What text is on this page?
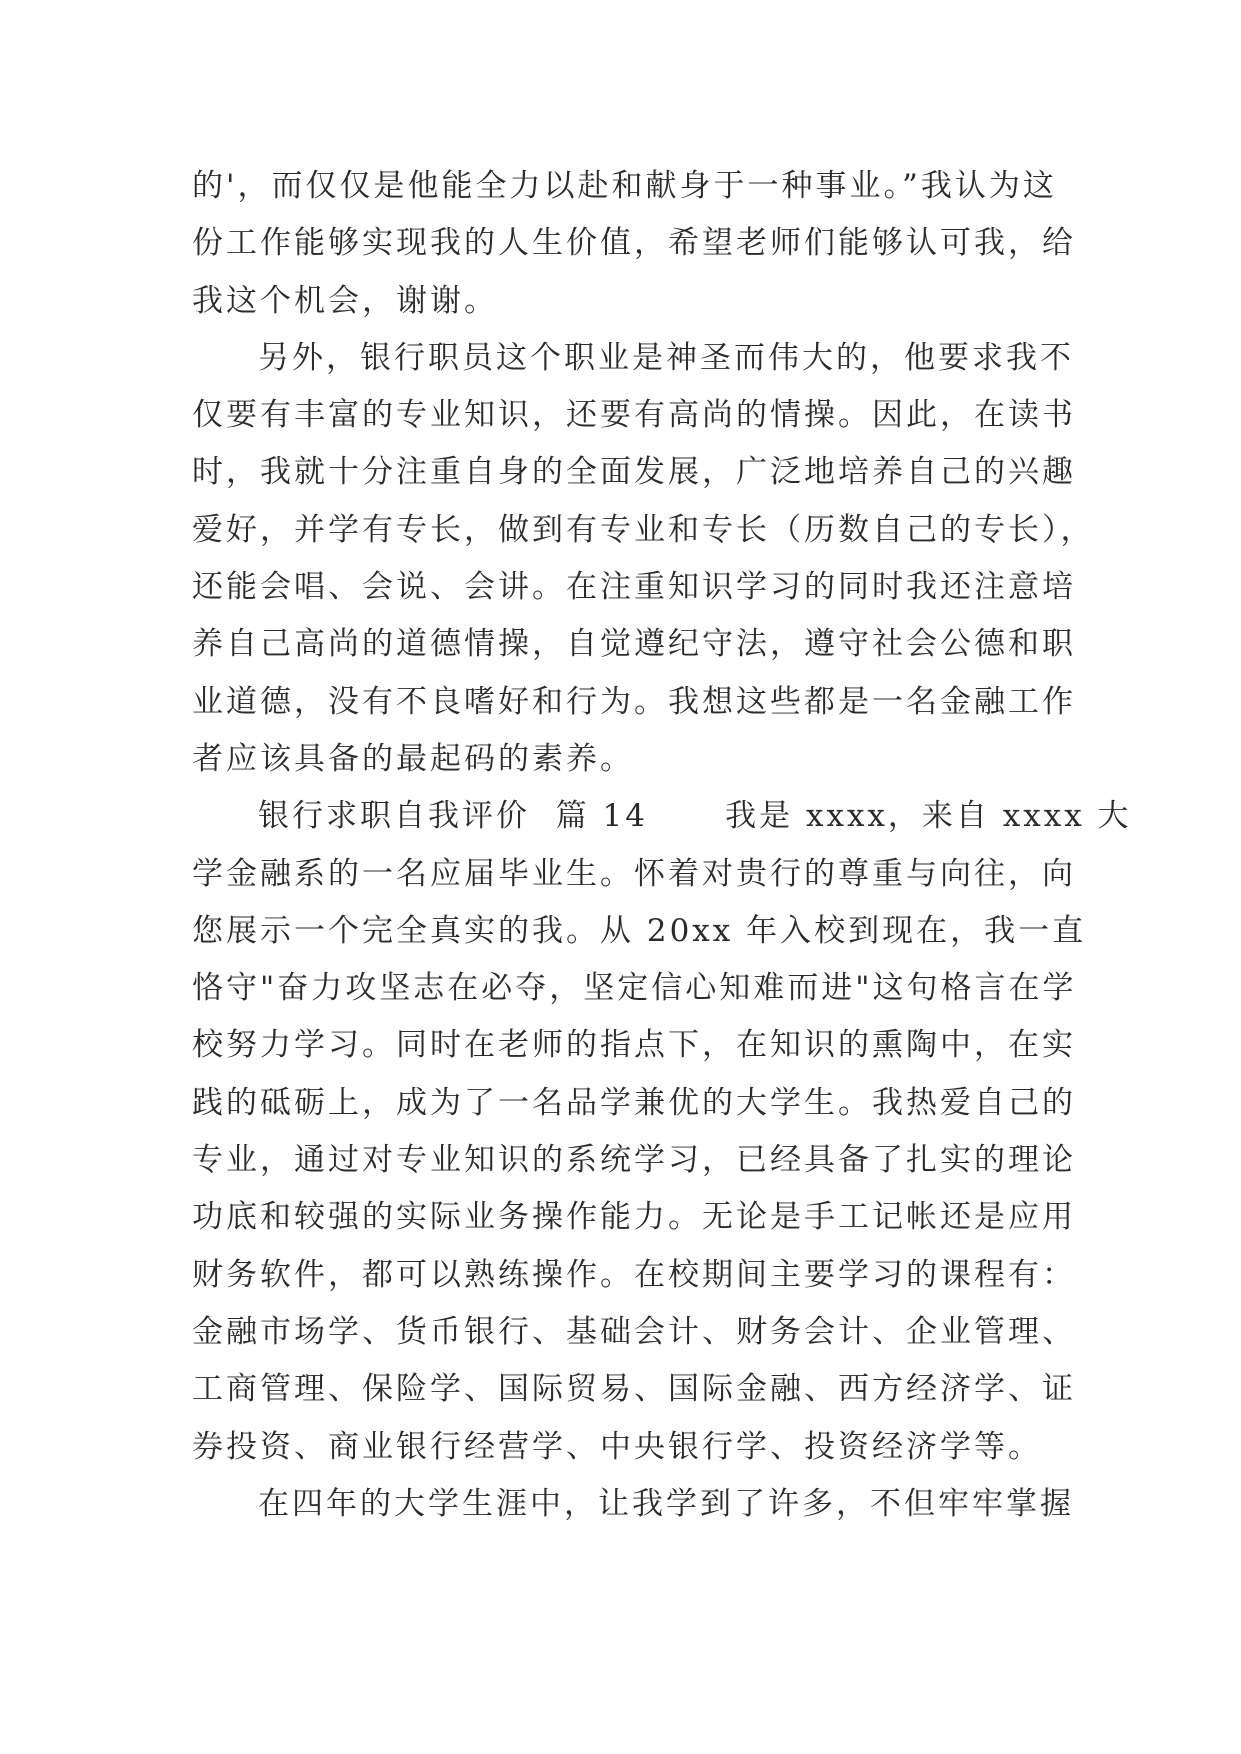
的'，而仅仅是他能全力以赴和献身于一种事业。”我认为这
份工作能够实现我的人生价值，希望老师们能够认可我，给
我这个机会，谢谢。
另外，银行职员这个职业是神圣而伟大的，他要求我不
仅要有丰富的专业知识，还要有高尚的情操。因此，在读书
时，我就十分注重自身的全面发展，广泛地培养自己的兴趣
爱好，并学有专长，做到有专业和专长（历数自己的专长），
还能会唱、会说、会讲。在注重知识学习的同时我还注意培
养自己高尚的道德情操，自觉遵纪守法，遵守社会公德和职
业道德，没有不良嗜好和行为。我想这些都是一名金融工作
者应该具备的最起码的素养。
银行求职自我评价  篇 14      我是 xxxx，来自 xxxx 大
学金融系的一名应届毕业生。怀着对贵行的尊重与向往，向
您展示一个完全真实的我。从 20xx 年入校到现在，我一直
恪守"奋力攻坚志在必夺，坚定信心知难而进"这句格言在学
校努力学习。同时在老师的指点下，在知识的熏陶中，在实
践的砥砺上，成为了一名品学兼优的大学生。我热爱自己的
专业，通过对专业知识的系统学习，已经具备了扎实的理论
功底和较强的实际业务操作能力。无论是手工记帐还是应用
财务软件，都可以熟练操作。在校期间主要学习的课程有：
金融市场学、货币银行、基础会计、财务会计、企业管理、
工商管理、保险学、国际贸易、国际金融、西方经济学、证
券投资、商业银行经营学、中央银行学、投资经济学等。
在四年的大学生涯中，让我学到了许多，不但牢牢掌握
